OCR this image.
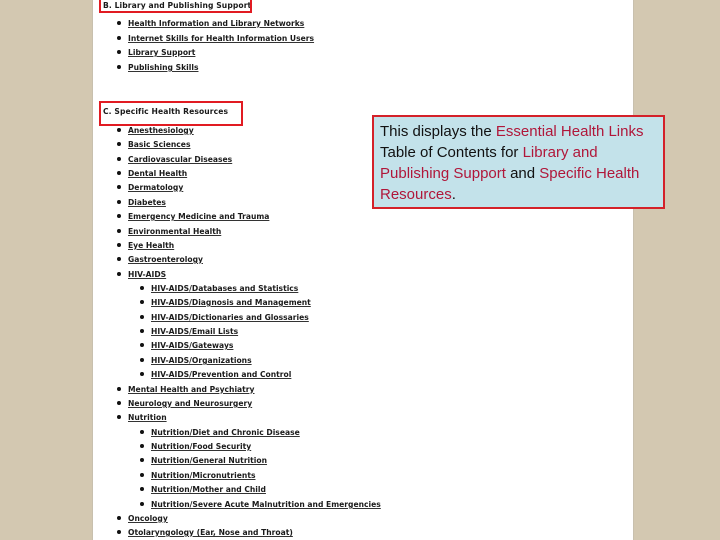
B. Library and Publishing Support
Health Information and Library Networks
Internet Skills for Health Information Users
Library Support
Publishing Skills
C. Specific Health Resources
Anesthesiology
Basic Sciences
Cardiovascular Diseases
Dental Health
Dermatology
Diabetes
Emergency Medicine and Trauma
Environmental Health
Eye Health
Gastroenterology
HIV-AIDS
HIV-AIDS/Databases and Statistics
HIV-AIDS/Diagnosis and Management
HIV-AIDS/Dictionaries and Glossaries
HIV-AIDS/Email Lists
HIV-AIDS/Gateways
HIV-AIDS/Organizations
HIV-AIDS/Prevention and Control
Mental Health and Psychiatry
Neurology and Neurosurgery
Nutrition
Nutrition/Diet and Chronic Disease
Nutrition/Food Security
Nutrition/General Nutrition
Nutrition/Micronutrients
Nutrition/Mother and Child
Nutrition/Severe Acute Malnutrition and Emergencies
Oncology
Otolaryngology (Ear, Nose and Throat)
This displays the Essential Health Links Table of Contents for Library and Publishing Support and Specific Health Resources.
